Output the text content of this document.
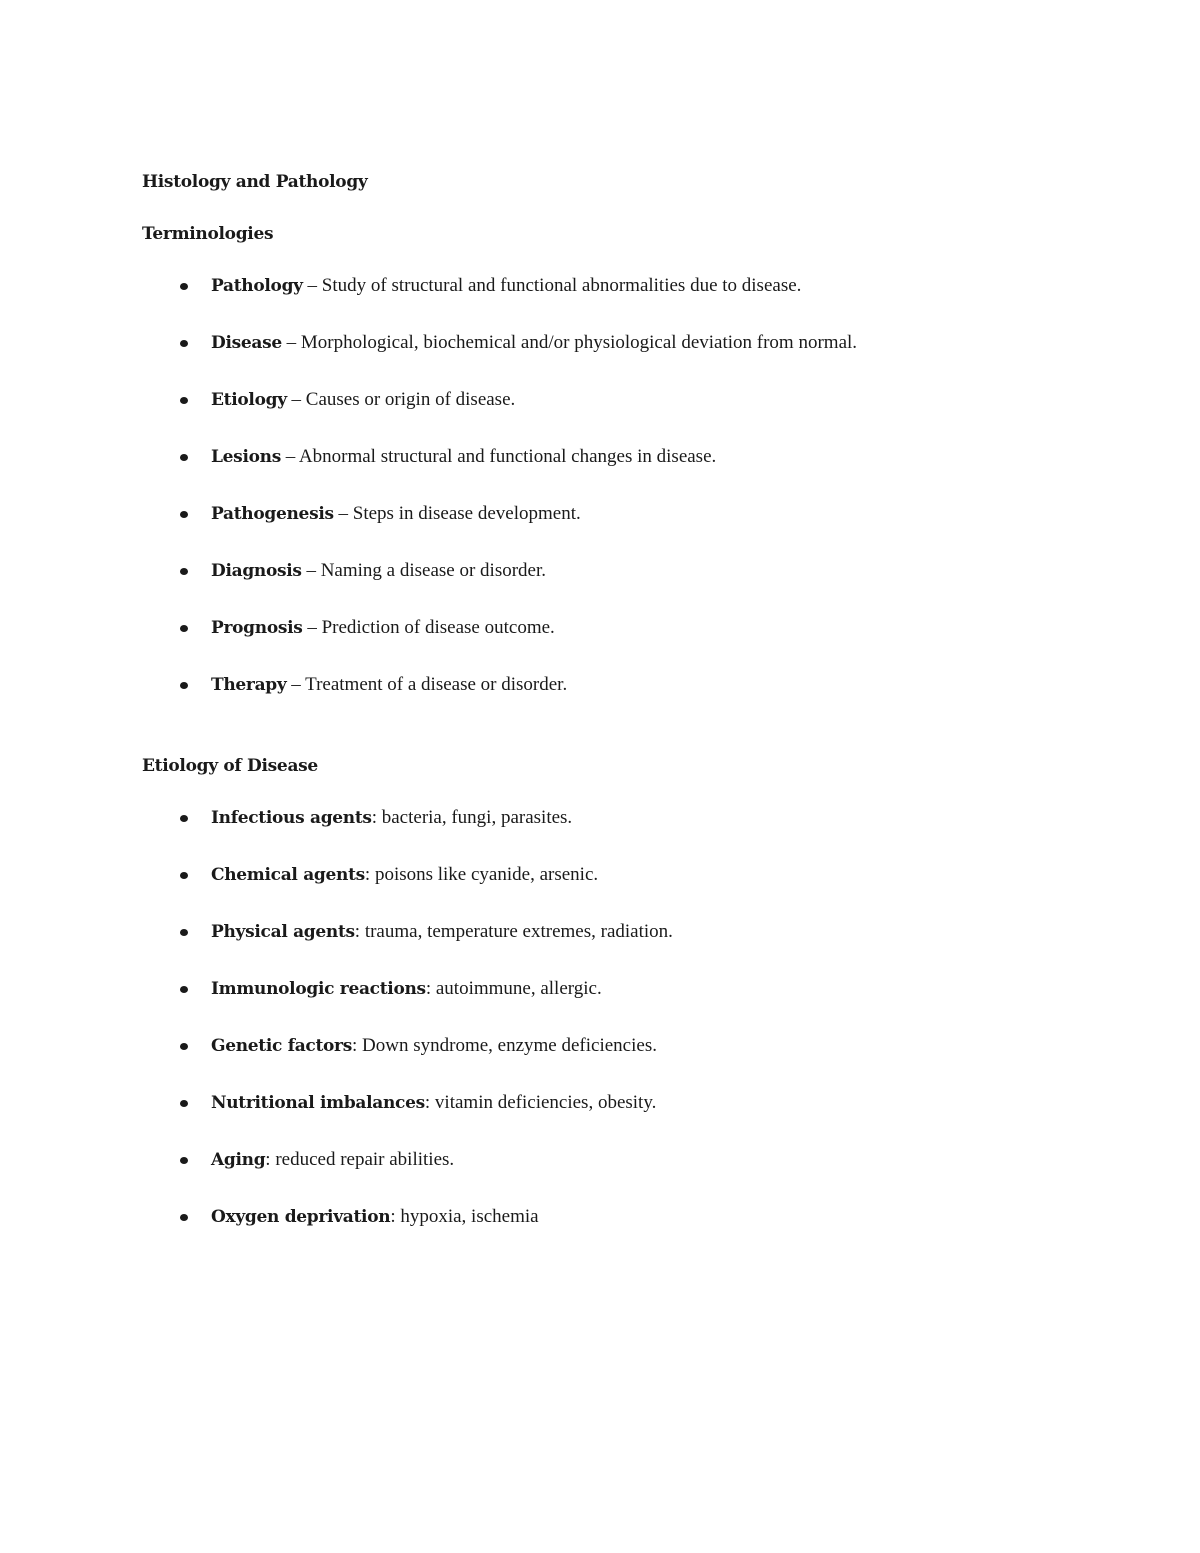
Histology and Pathology
Terminologies
Pathology – Study of structural and functional abnormalities due to disease.
Disease – Morphological, biochemical and/or physiological deviation from normal.
Etiology – Causes or origin of disease.
Lesions – Abnormal structural and functional changes in disease.
Pathogenesis – Steps in disease development.
Diagnosis – Naming a disease or disorder.
Prognosis – Prediction of disease outcome.
Therapy – Treatment of a disease or disorder.
Etiology of Disease
Infectious agents: bacteria, fungi, parasites.
Chemical agents: poisons like cyanide, arsenic.
Physical agents: trauma, temperature extremes, radiation.
Immunologic reactions: autoimmune, allergic.
Genetic factors: Down syndrome, enzyme deficiencies.
Nutritional imbalances: vitamin deficiencies, obesity.
Aging: reduced repair abilities.
Oxygen deprivation: hypoxia, ischemia
